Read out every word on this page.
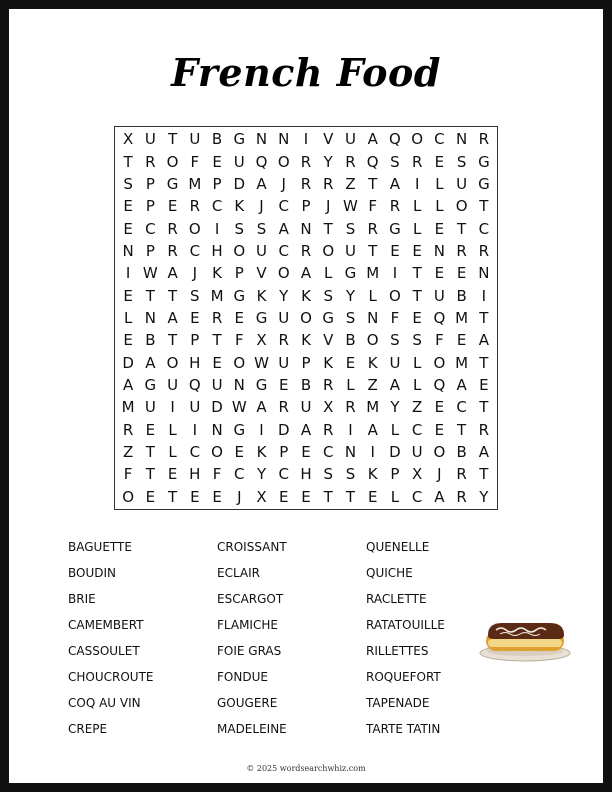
French Food
X U T U B G N N I V U A Q O C N R
T R O F E U Q O R Y R Q S R E S G
S P G M P D A J R R Z T A I	L U G
E P E R C K	J C P	J W F R L L O T
E C R O I	S S A N T S R G L E T C
N P R C H O U C R O U T E E N R R
I W A J	K P V O A L G M I	T E E N
E T T S M G K Y K S Y L O T U B I
L N A E R E G U O G S N F E Q M T
E B T P T F X R K V B O S S F E A
D A O H E O W U P K E K U L O M T
A G U Q U N G E B R L Z A L Q A E
M U I U D W A R U X R M Y Z E C T
R E L	I N G I D A R I A L C E T R
Z T L C O E K P E C N I D U O B A
F T E H F C Y C H S S K P X J R T
O E T E E	J X E E T T E L C A R Y
BAGUETTE
BOUDIN
BRIE
CAMEMBERT
CASSOULET
CHOUCROUTE
COQ AU VIN
CREPE
CROISSANT
ECLAIR
ESCARGOT
FLAMICHE
FOIE GRAS
FONDUE
GOUGERE
MADELEINE
QUENELLE
QUICHE
RACLETTE
RATATOUILLE
RILLETTES
ROQUEFORT
TAPENADE
TARTE TATIN
© 2025 wordsearchwhiz.com
